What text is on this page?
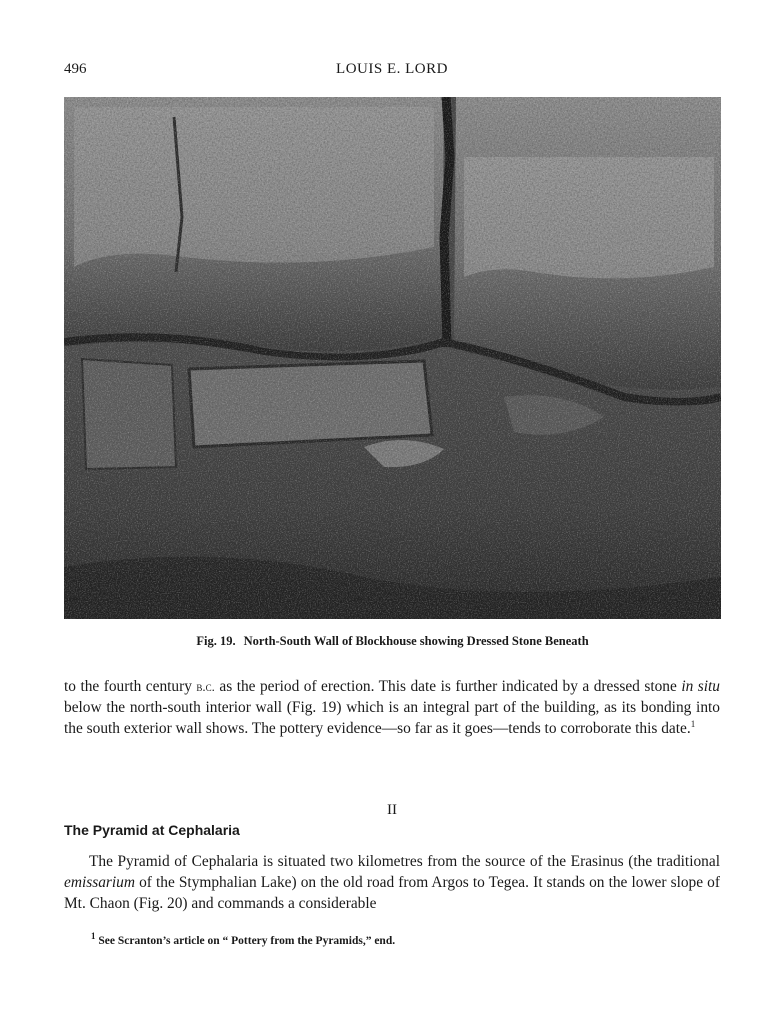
496	LOUIS E. LORD
Fig. 19. North-South Wall of Blockhouse showing Dressed Stone Beneath
to the fourth century b.c. as the period of erection. This date is further indicated by a dressed stone in situ below the north-south interior wall (Fig. 19) which is an integral part of the building, as its bonding into the south exterior wall shows. The pottery evidence—so far as it goes—tends to corroborate this date.$^1$
II
The Pyramid at Cephalaria
The Pyramid of Cephalaria is situated two kilometres from the source of the Erasinus (the traditional emissarium of the Stymphalian Lake) on the old road from Argos to Tegea. It stands on the lower slope of Mt. Chaon (Fig. 20) and commands a considerable
$^1$ See Scranton’s article on “ Pottery from the Pyramids,” end.
